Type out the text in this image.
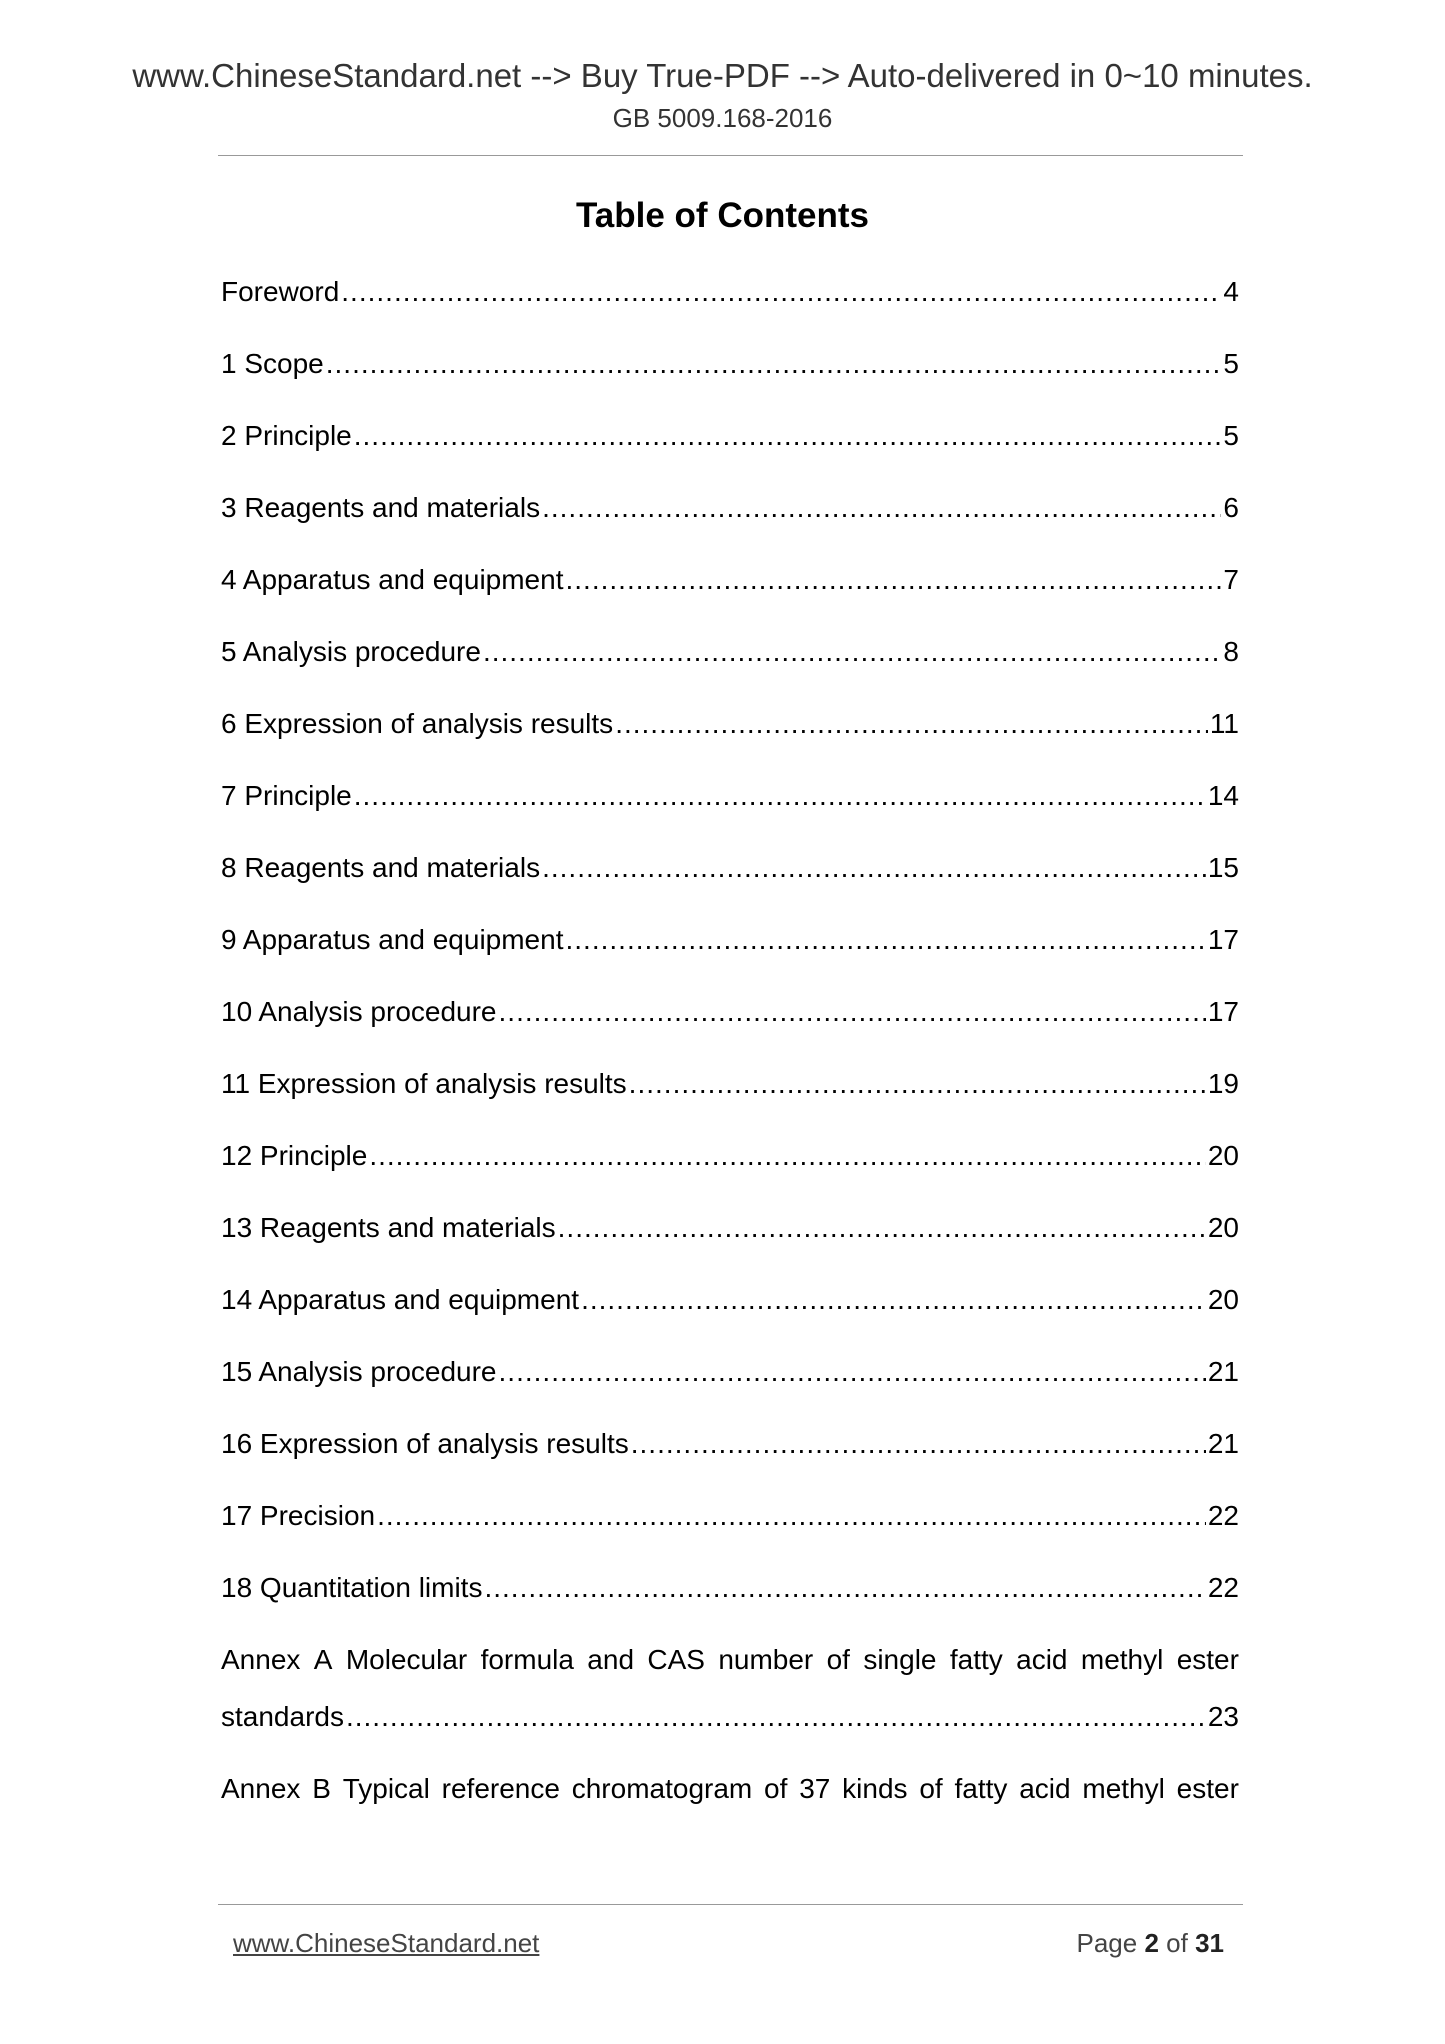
www.ChineseStandard.net --> Buy True-PDF --> Auto-delivered in 0~10 minutes.
GB 5009.168-2016
Table of Contents
Foreword .....	4
1 Scope .....	5
2 Principle .....	5
3 Reagents and materials .....	6
4 Apparatus and equipment .....	7
5 Analysis procedure .....	8
6 Expression of analysis results .....	11
7 Principle .....	14
8 Reagents and materials .....	15
9 Apparatus and equipment .....	17
10 Analysis procedure .....	17
11 Expression of analysis results .....	19
12 Principle .....	20
13 Reagents and materials .....	20
14 Apparatus and equipment .....	20
15 Analysis procedure .....	21
16 Expression of analysis results .....	21
17 Precision .....	22
18 Quantitation limits .....	22
Annex A Molecular formula and CAS number of single fatty acid methyl ester
standards .....	23
Annex B Typical reference chromatogram of 37 kinds of fatty acid methyl ester
www.ChineseStandard.net	Page 2 of 31
